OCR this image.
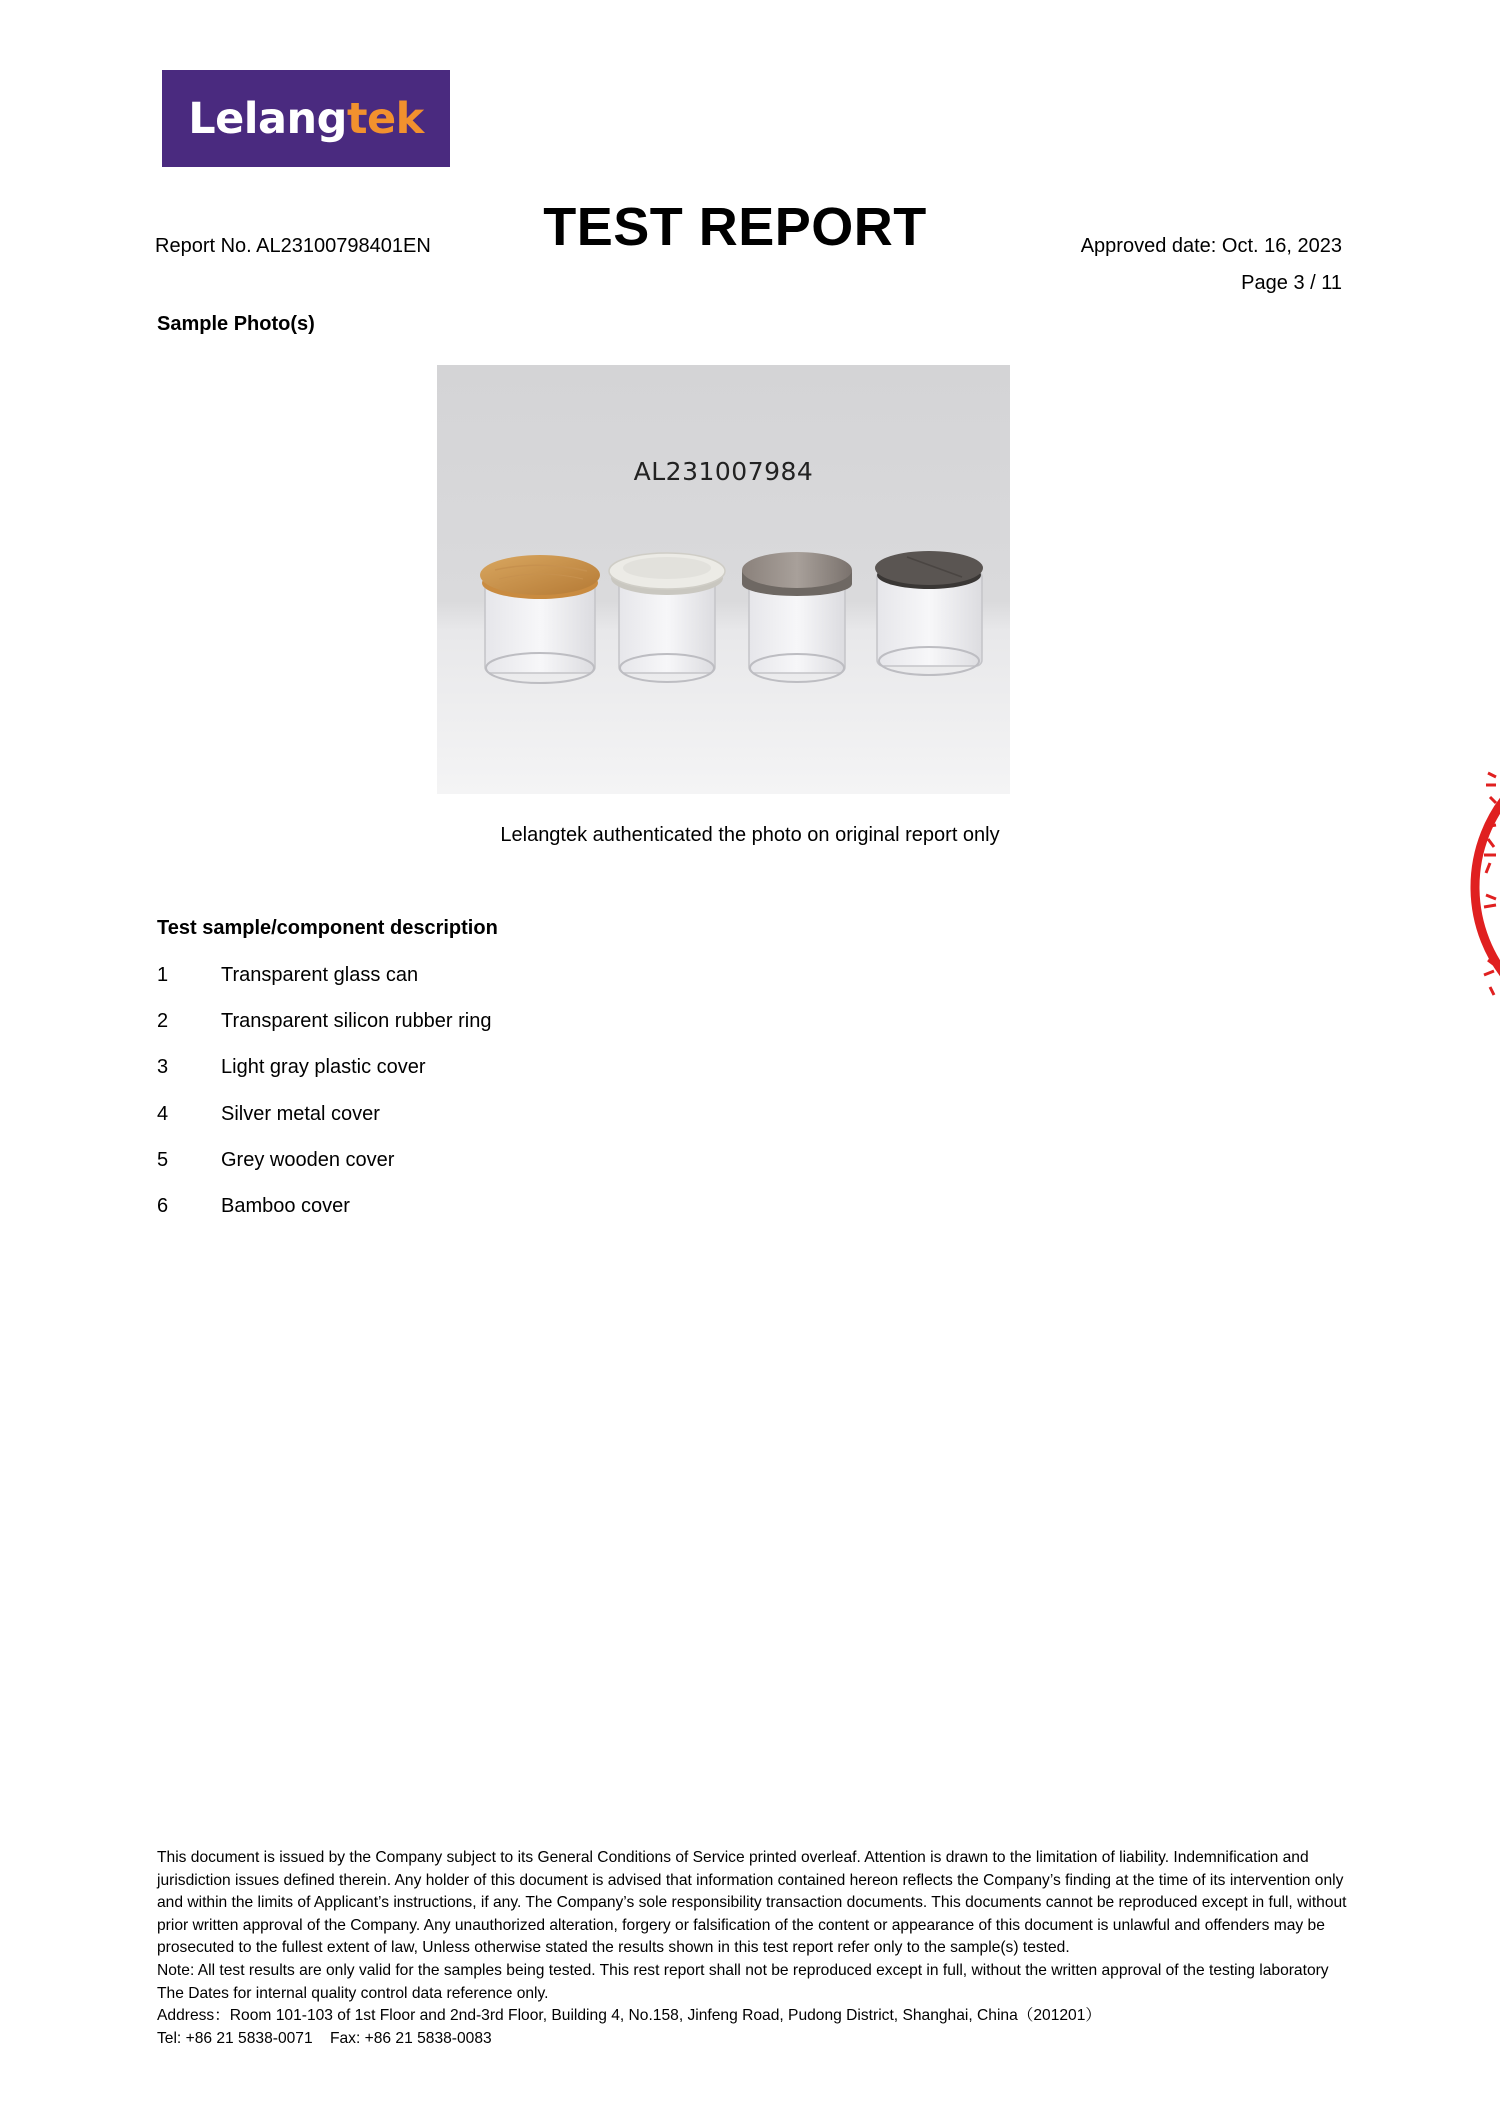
Lelang tek
Report No. AL23100798401EN	TEST REPORT	Approved date: Oct. 16, 2023
Page 3 / 11
Sample Photo(s)
AL231007984
Lelangtek authenticated the photo on original report only
Test sample/component description
1	Transparent glass can
2	Transparent silicon rubber ring
3	Light gray plastic cover
4	Silver metal cover
5	Grey wooden cover
6	Bamboo cover

This document is issued by the Company subject to its General Conditions of Service printed overleaf. Attention is drawn to the limitation of liability. Indemnification and jurisdiction issues defined therein. Any holder of this document is advised that information contained hereon reflects the Company’s finding at the time of its intervention only and within the limits of Applicant’s instructions, if any. The Company’s sole responsibility transaction documents. This documents cannot be reproduced except in full, without prior written approval of the Company. Any unauthorized alteration, forgery or falsification of the content or appearance of this document is unlawful and offenders may be prosecuted to the fullest extent of law, Unless otherwise stated the results shown in this test report refer only to the sample(s) tested.

Note: All test results are only valid for the samples being tested. This rest report shall not be reproduced except in full, without the written approval of the testing laboratory The Dates for internal quality control data reference only.

Address：Room 101-103 of 1st Floor and 2nd-3rd Floor, Building 4, No.158, Jinfeng Road, Pudong District, Shanghai, China（201201）

Tel: +86 21 5838-0071 Fax: +86 21 5838-0083
